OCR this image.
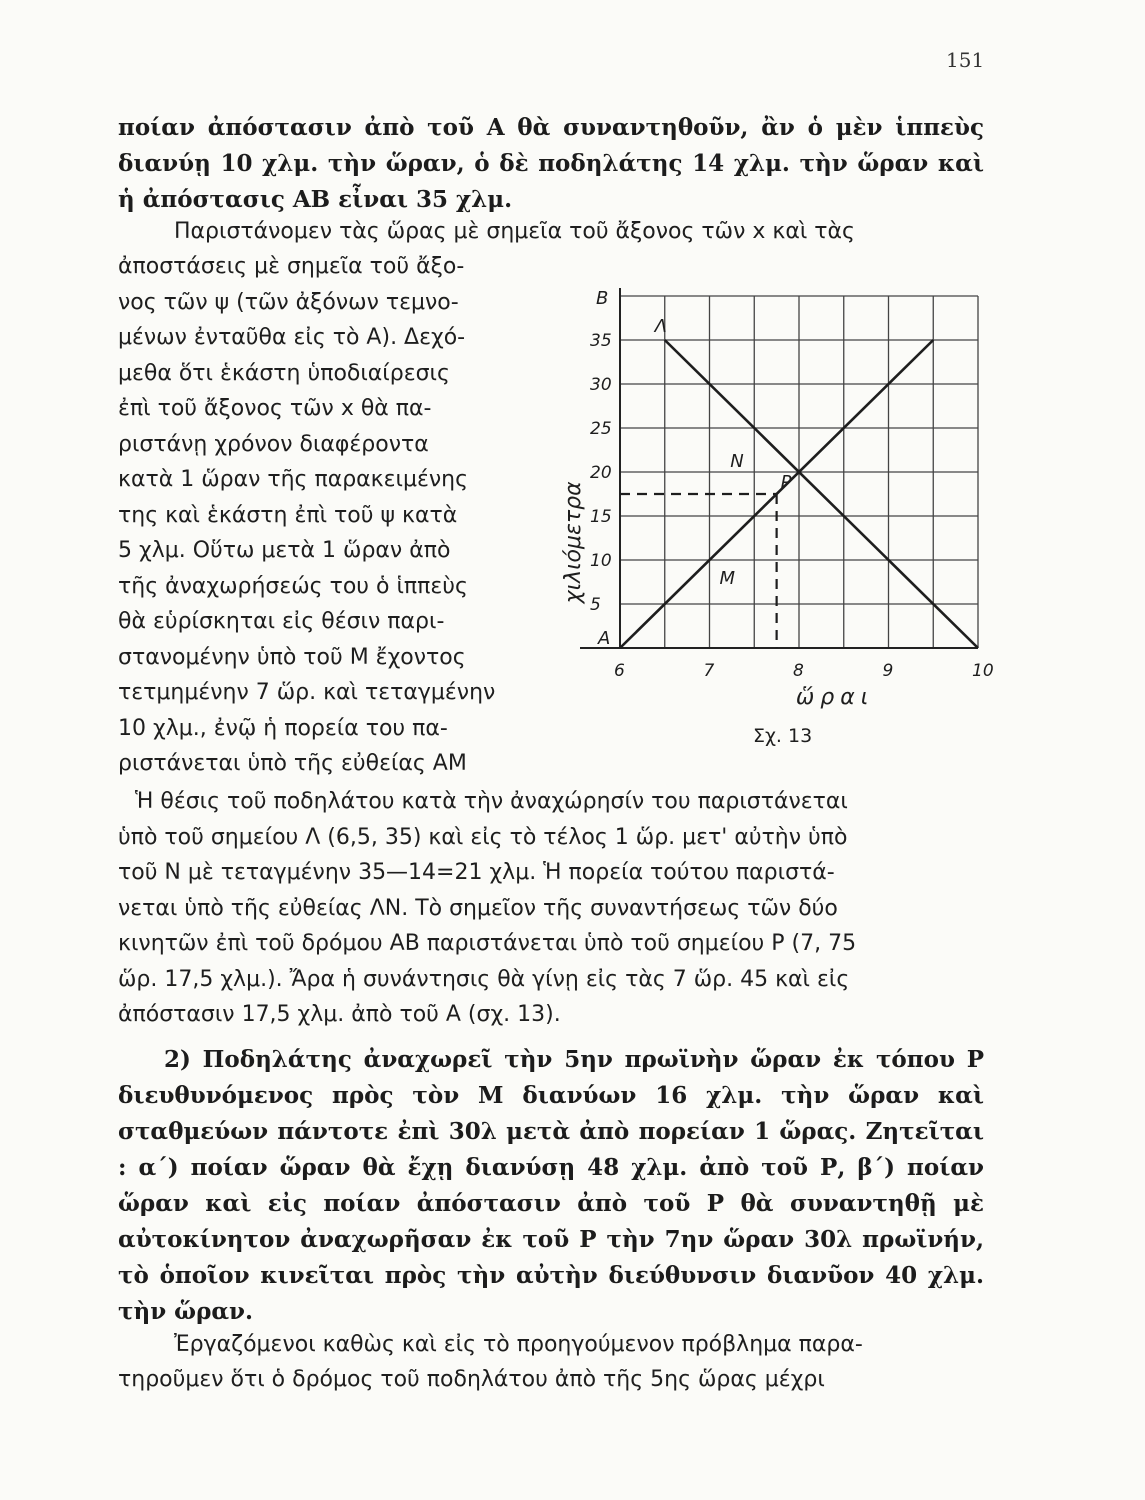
151

ποίαν ἀπόστασιν ἀπὸ τοῦ Α θὰ συναντηθοῦν, ἂν ὁ μὲν ἱππεὺς διανύῃ 10 χλμ. τὴν ὥραν, ὁ δὲ ποδηλάτης 14 χλμ. τὴν ὥραν καὶ ἡ ἀπόστασις ΑΒ εἶναι 35 χλμ.

Παριστάνομεν τὰς ὥρας μὲ σημεῖα τοῦ ἄξονος τῶν x καὶ τὰς
ἀποστάσεις μὲ σημεῖα τοῦ ἄξο-
νος τῶν ψ (τῶν ἀξόνων τεμνο-
μένων ἐνταῦθα εἰς τὸ Α). Δεχό-
μεθα ὅτι ἑκάστη ὑποδιαίρεσις
ἐπὶ τοῦ ἄξονος τῶν x θὰ πα-
ριστάνῃ χρόνον διαφέροντα
κατὰ 1 ὥραν τῆς παρακειμένης
της καὶ ἑκάστη ἐπὶ τοῦ ψ κατὰ
5 χλμ. Οὕτω μετὰ 1 ὥραν ἀπὸ
τῆς ἀναχωρήσεώς του ὁ ἱππεὺς
θὰ εὑρίσκηται εἰς θέσιν παρι-
στανομένην ὑπὸ τοῦ Μ ἔχοντος
τετμημένην 7 ὥρ. καὶ τεταγμένην
10 χλμ., ἐνῷ ἡ πορεία του πα-
ριστάνεται ὑπὸ τῆς εὐθείας ΑΜ
6	7	8	9	10
5
10
15
20
25
30
35
B
A
Λ
N
P
M
ὥραι
χιλιόμετρα
Σχ. 13
Ἡ θέσις τοῦ ποδηλάτου κατὰ τὴν ἀναχώρησίν του παριστάνεται
ὑπὸ τοῦ σημείου Λ (6,5, 35) καὶ εἰς τὸ τέλος 1 ὥρ. μετ' αὐτὴν ὑπὸ
τοῦ Ν μὲ τεταγμένην 35—14=21 χλμ. Ἡ πορεία τούτου παριστά-
νεται ὑπὸ τῆς εὐθείας ΛΝ. Τὸ σημεῖον τῆς συναντήσεως τῶν δύο
κινητῶν ἐπὶ τοῦ δρόμου ΑΒ παριστάνεται ὑπὸ τοῦ σημείου Ρ (7, 75
ὥρ. 17,5 χλμ.). Ἄρα ἡ συνάντησις θὰ γίνῃ εἰς τὰς 7 ὥρ. 45 καὶ εἰς
ἀπόστασιν 17,5 χλμ. ἀπὸ τοῦ Α (σχ. 13).

2) Ποδηλάτης ἀναχωρεῖ τὴν 5ην πρωϊνὴν ὥραν ἐκ τόπου Ρ διευθυνόμενος πρὸς τὸν Μ διανύων 16 χλμ. τὴν ὥραν καὶ σταθμεύων πάντοτε ἐπὶ 30λ μετὰ ἀπὸ πορείαν 1 ὥρας. Ζητεῖται : α΄) ποίαν ὥραν θὰ ἔχῃ διανύσῃ 48 χλμ. ἀπὸ τοῦ Ρ, β΄) ποίαν ὥραν καὶ εἰς ποίαν ἀπόστασιν ἀπὸ τοῦ Ρ θὰ συναντηθῇ μὲ αὐτοκίνητον ἀναχωρῆσαν ἐκ τοῦ Ρ τὴν 7ην ὥραν 30λ πρωϊνήν, τὸ ὁποῖον κινεῖται πρὸς τὴν αὐτὴν διεύθυνσιν διανῦον 40 χλμ. τὴν ὥραν.

Ἐργαζόμενοι καθὼς καὶ εἰς τὸ προηγούμενον πρόβλημα παρα-
τηροῦμεν ὅτι ὁ δρόμος τοῦ ποδηλάτου ἀπὸ τῆς 5ης ὥρας μέχρι
